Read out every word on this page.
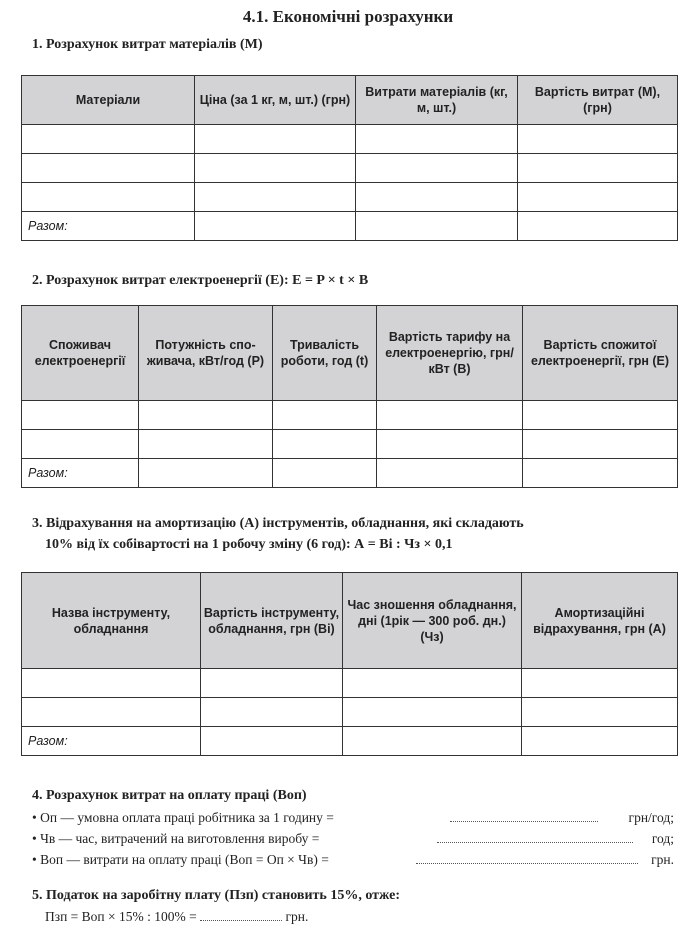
4.1. Економічні розрахунки
1. Розрахунок витрат матеріалів (М)
Матеріали	Ціна (за 1 кг, м, шт.) (грн)	Витрати матеріалів (кг, м, шт.)	Вартість витрат (М), (грн)

Разом:			
2. Розрахунок витрат електроенергії (Е): Е = P × t × В
Споживач електроенергії	Потужність спо-живача, кВт/год (P)	Тривалість роботи, год (t)	Вартість тарифу на електроенергію, грн/кВт (В)	Вартість спожитої електроенергії, грн (Е)

Разом:				
3. Відрахування на амортизацію (А) інструментів, обладнання, які складають
10% від їх собівартості на 1 робочу зміну (6 год): А = Ві : Чз × 0,1
Назва інструменту, обладнання	Вартість інструменту, обладнання, грн (Ві)	Час зношення обладнання, дні (1рік — 300 роб. дн.) (Чз)	Амортизаційні відрахування, грн (А)

Разом:			
4. Розрахунок витрат на оплату праці (Воп)
• Оп — умовна оплата праці робітника за 1 годину =	грн/год;
• Чв — час, витрачений на виготовлення виробу =	год;
• Воп — витрати на оплату праці (Воп = Оп × Чв) =	грн.
5. Податок на заробітну плату (Пзп) становить 15%, отже:
Пзп = Воп × 15% : 100% =	грн.
